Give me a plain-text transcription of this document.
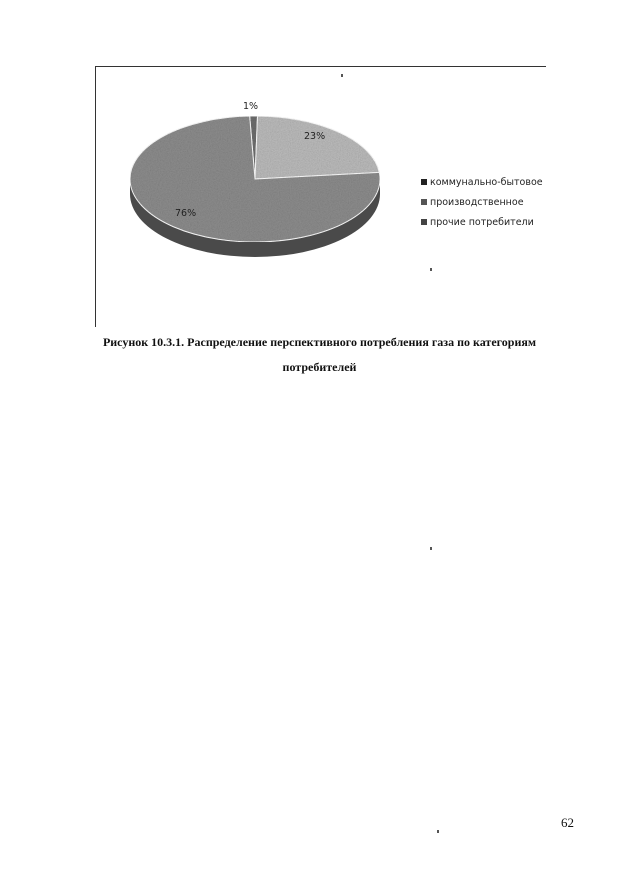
76%
23%
1%
коммунально-бытовое
производственное
прочие потребители
Рисунок 10.3.1. Распределение перспективного потребления газа по категориям
потребителей
62
